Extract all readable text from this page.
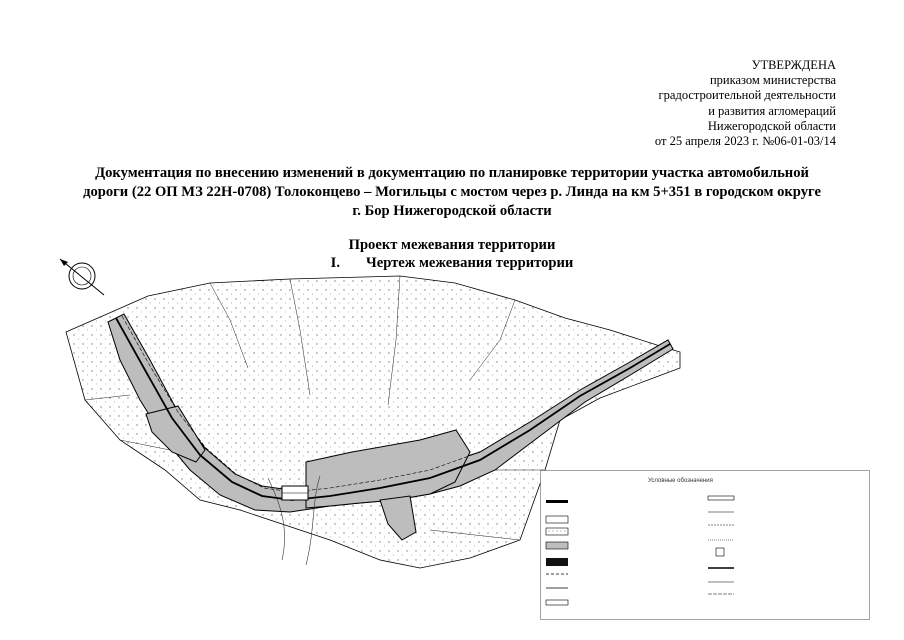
УТВЕРЖДЕНА
приказом министерства
градостроительной деятельности
и развития агломераций
Нижегородской области
от 25 апреля 2023 г. №06-01-03/14
Документация по внесению изменений в документацию по планировке территории участка автомобильной
дороги (22 ОП МЗ 22Н-0708) Толоконцево – Могильцы с мостом через р. Линда на км 5+351 в городском округе
г. Бор Нижегородской области
Проект межевания территории
I. Чертеж межевания территории
Условные обозначения
